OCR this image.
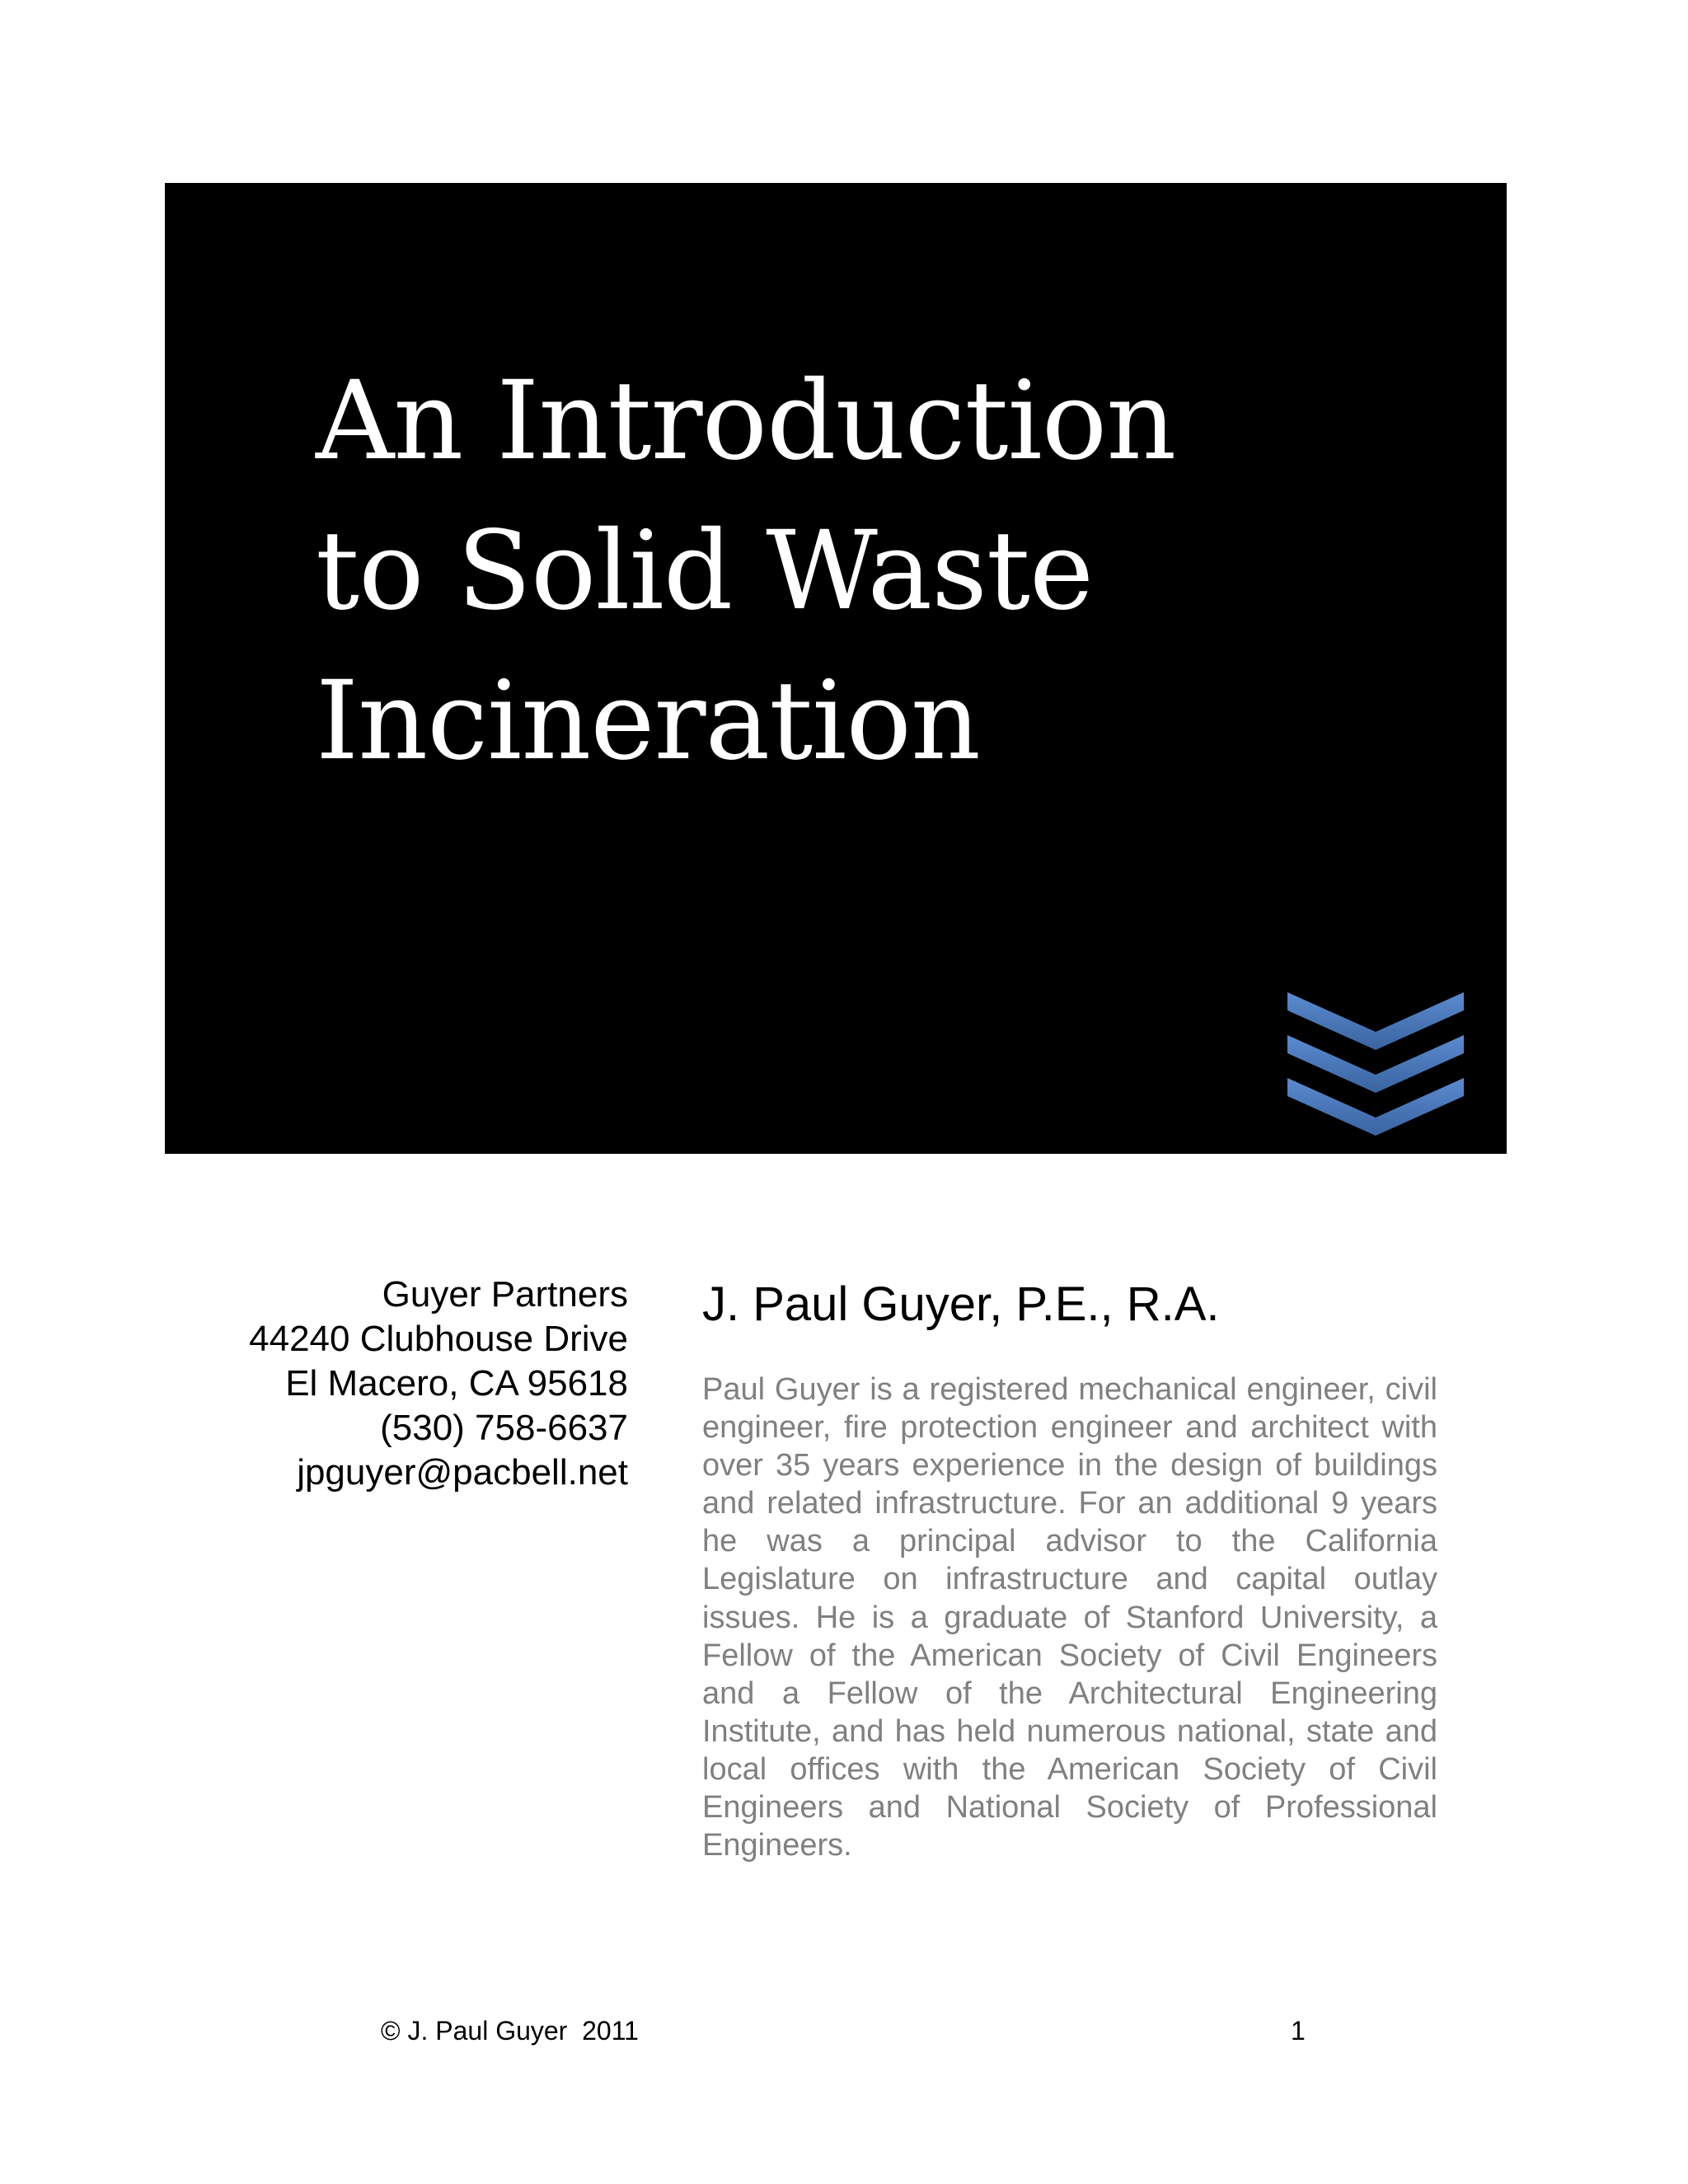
An Introduction
to Solid Waste
Incineration
Guyer Partners
44240 Clubhouse Drive
El Macero, CA 95618
(530) 758-6637
jpguyer@pacbell.net
J. Paul Guyer, P.E., R.A.

Paul Guyer is a registered mechanical engineer, civil engineer, fire protection engineer and architect with over 35 years experience in the design of buildings and related infrastructure. For an additional 9 years he was a principal advisor to the California Legislature on infrastructure and capital outlay issues. He is a graduate of Stanford University, a Fellow of the American Society of Civil Engineers and a Fellow of the Architectural Engineering Institute, and has held numerous national, state and local offices with the American Society of Civil Engineers and National Society of Professional Engineers.

© J. Paul Guyer  2011	1
